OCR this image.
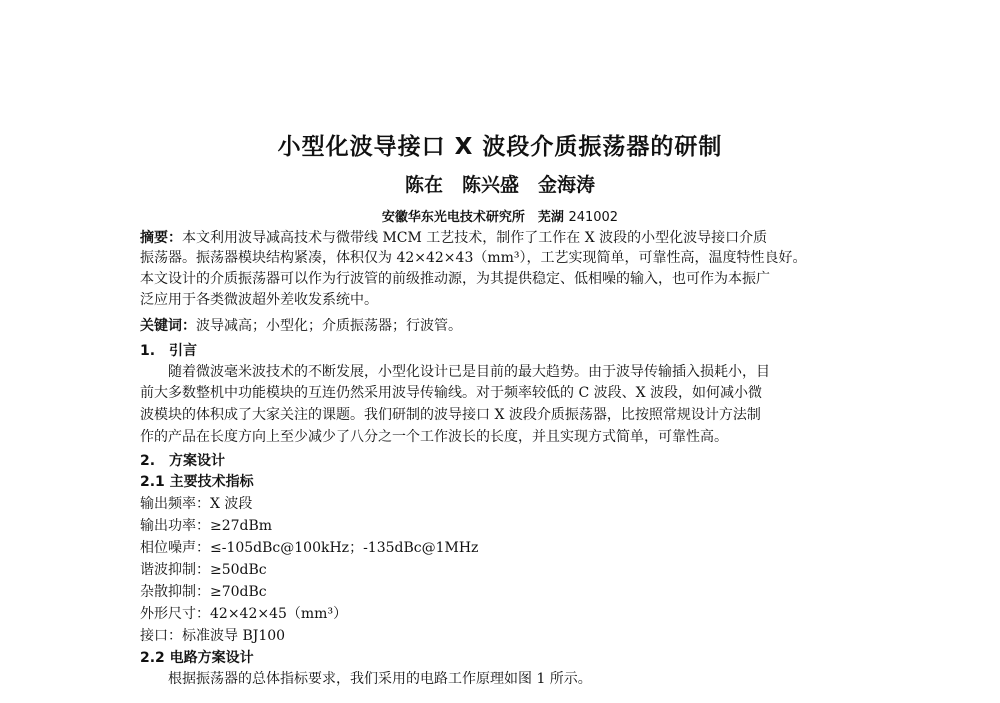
小型化波导接口 X 波段介质振荡器的研制
陈在　陈兴盛　金海涛
安徽华东光电技术研究所　芜湖 241002
摘要：本文利用波导减高技术与微带线 MCM 工艺技术，制作了工作在 X 波段的小型化波导接口介质
振荡器。振荡器模块结构紧凑，体积仅为 42×42×43（mm³），工艺实现简单，可靠性高，温度特性良好。
本文设计的介质振荡器可以作为行波管的前级推动源，为其提供稳定、低相噪的输入，也可作为本振广
泛应用于各类微波超外差收发系统中。
关键词：波导减高；小型化；介质振荡器；行波管。
1.　引言
随着微波毫米波技术的不断发展，小型化设计已是目前的最大趋势。由于波导传输插入损耗小，目
前大多数整机中功能模块的互连仍然采用波导传输线。对于频率较低的 C 波段、X 波段，如何减小微
波模块的体积成了大家关注的课题。我们研制的波导接口 X 波段介质振荡器，比按照常规设计方法制
作的产品在长度方向上至少减少了八分之一个工作波长的长度，并且实现方式简单，可靠性高。
2.　方案设计
2.1 主要技术指标
输出频率：X 波段
输出功率：≥27dBm
相位噪声：≤-105dBc@100kHz；-135dBc@1MHz
谐波抑制：≥50dBc
杂散抑制：≥70dBc
外形尺寸：42×42×45（mm³）
接口：标准波导 BJ100
2.2 电路方案设计
根据振荡器的总体指标要求，我们采用的电路工作原理如图 1 所示。
